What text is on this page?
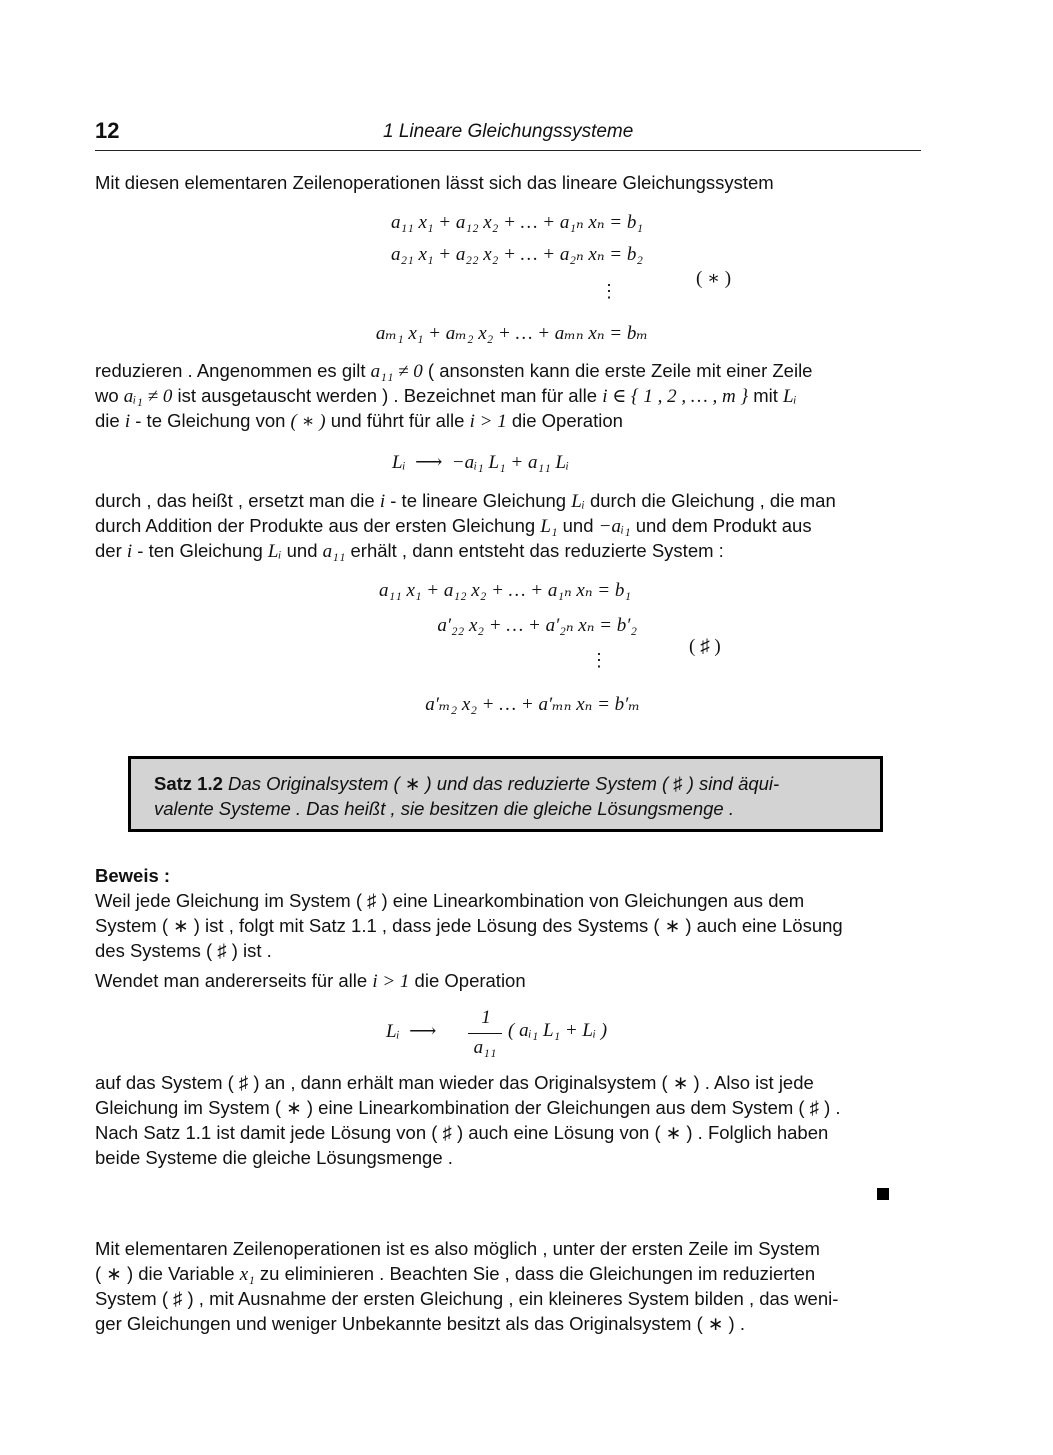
12	1 Lineare Gleichungssysteme
Mit diesen elementaren Zeilenoperationen lässt sich das lineare Gleichungssystem
a₁₁ x₁ + a₁₂ x₂ + … + a₁ₙ xₙ = b₁
a₂₁ x₁ + a₂₂ x₂ + … + a₂ₙ xₙ = b₂
⋮
aₘ₁ x₁ + aₘ₂ x₂ + … + aₘₙ xₙ = bₘ
( ∗ )
reduzieren . Angenommen es gilt a₁₁ ≠ 0 ( ansonsten kann die erste Zeile mit einer Zeile
wo aᵢ₁ ≠ 0 ist ausgetauscht werden ) . Bezeichnet man für alle i ∈ { 1 , 2 , … , m } mit Lᵢ
die i - te Gleichung von ( ∗ ) und führt für alle i > 1 die Operation
Lᵢ  ⟶  −aᵢ₁ L₁ + a₁₁ Lᵢ
durch , das heißt , ersetzt man die i - te lineare Gleichung Lᵢ durch die Gleichung , die man
durch Addition der Produkte aus der ersten Gleichung L₁ und −aᵢ₁ und dem Produkt aus
der i - ten Gleichung Lᵢ und a₁₁ erhält , dann entsteht das reduzierte System :
a₁₁ x₁ + a₁₂ x₂ + … + a₁ₙ xₙ = b₁
a′₂₂ x₂ + … + a′₂ₙ xₙ = b′₂
⋮
a′ₘ₂ x₂ + … + a′ₘₙ xₙ = b′ₘ
( ♯ )
Satz 1.2 Das Originalsystem ( ∗ ) und das reduzierte System ( ♯ ) sind äqui-
valente Systeme . Das heißt , sie besitzen die gleiche Lösungsmenge .
Beweis :
Weil jede Gleichung im System ( ♯ ) eine Linearkombination von Gleichungen aus dem
System ( ∗ ) ist , folgt mit Satz 1.1 , dass jede Lösung des Systems ( ∗ ) auch eine Lösung
des Systems ( ♯ ) ist .
Wendet man andererseits für alle i > 1 die Operation
Lᵢ  ⟶
1
a₁₁
( aᵢ₁ L₁ + Lᵢ )
auf das System ( ♯ ) an , dann erhält man wieder das Originalsystem ( ∗ ) . Also ist jede
Gleichung im System ( ∗ ) eine Linearkombination der Gleichungen aus dem System ( ♯ ) .
Nach Satz 1.1 ist damit jede Lösung von ( ♯ ) auch eine Lösung von ( ∗ ) . Folglich haben
beide Systeme die gleiche Lösungsmenge .
Mit elementaren Zeilenoperationen ist es also möglich , unter der ersten Zeile im System
( ∗ ) die Variable x₁ zu eliminieren . Beachten Sie , dass die Gleichungen im reduzierten
System ( ♯ ) , mit Ausnahme der ersten Gleichung , ein kleineres System bilden , das weni-
ger Gleichungen und weniger Unbekannte besitzt als das Originalsystem ( ∗ ) .
